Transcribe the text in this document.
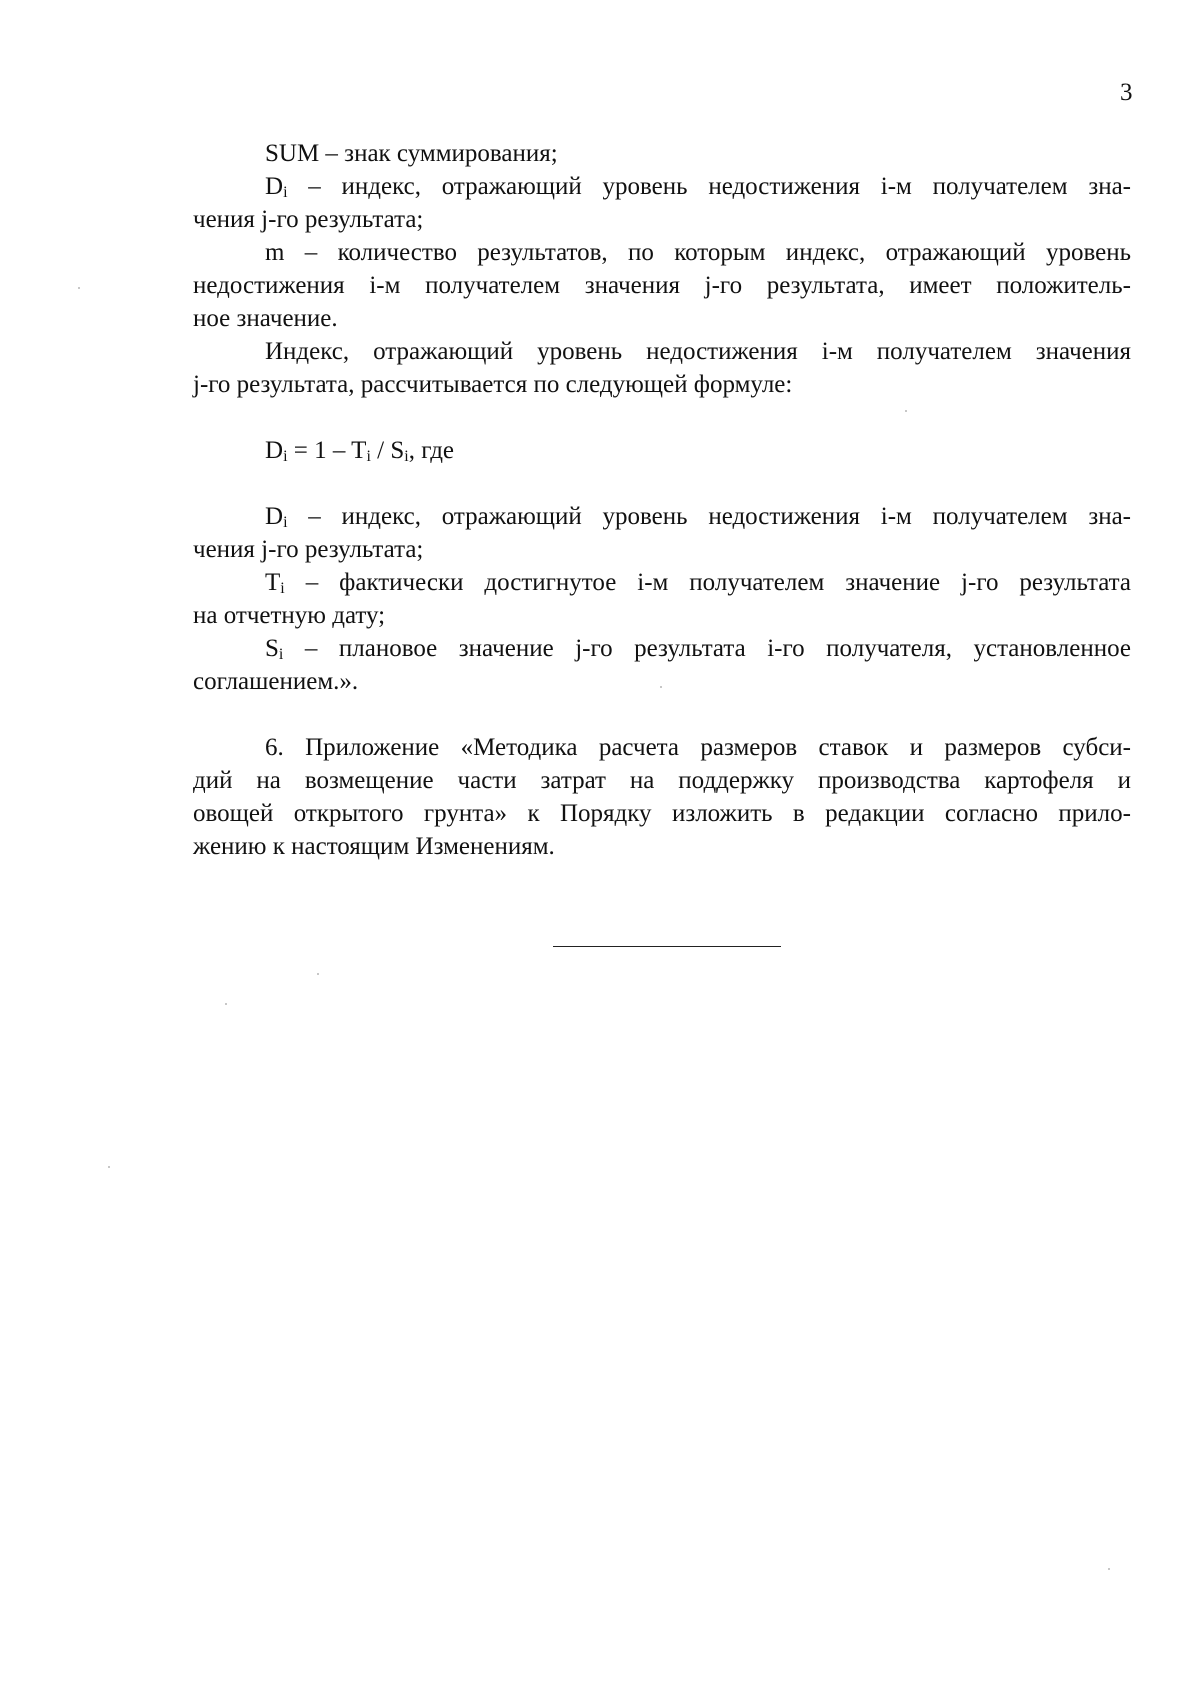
3
SUM – знак суммирования;
Di – индекс, отражающий уровень недостижения i-м получателем зна-
чения j-го результата;
m – количество результатов, по которым индекс, отражающий уровень
недостижения i-м получателем значения j-го результата, имеет положитель-
ное значение.
Индекс, отражающий уровень недостижения i-м получателем значения
j-го результата, рассчитывается по следующей формуле:
Di = 1 – Ti / Si, где
Di – индекс, отражающий уровень недостижения i-м получателем зна-
чения j-го результата;
Ti – фактически достигнутое i-м получателем значение j-го результата
на отчетную дату;
Si – плановое значение j-го результата i-го получателя, установленное
соглашением.».
6. Приложение «Методика расчета размеров ставок и размеров субси-
дий на возмещение части затрат на поддержку производства картофеля и
овощей открытого грунта» к Порядку изложить в редакции согласно прило-
жению к настоящим Изменениям.
